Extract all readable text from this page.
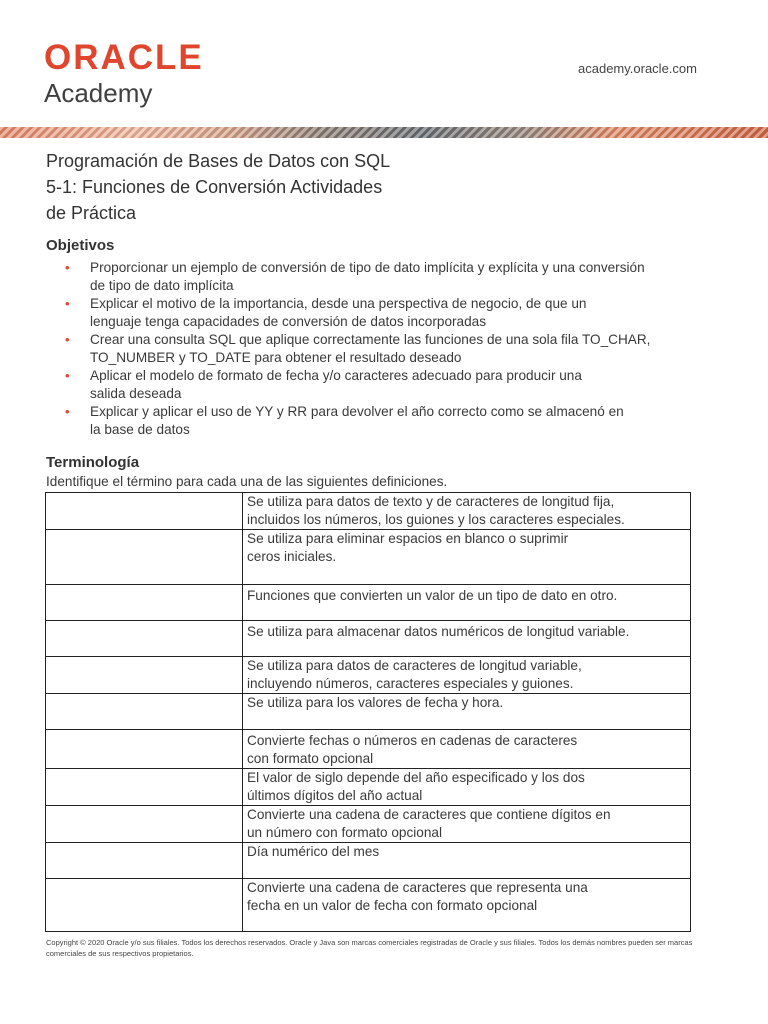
ORACLE
Academy
academy.oracle.com
Programación de Bases de Datos con SQL
5-1: Funciones de Conversión Actividades
de Práctica
Objetivos
• Proporcionar un ejemplo de conversión de tipo de dato implícita y explícita y una conversión
de tipo de dato implícita
• Explicar el motivo de la importancia, desde una perspectiva de negocio, de que un
lenguaje tenga capacidades de conversión de datos incorporadas
• Crear una consulta SQL que aplique correctamente las funciones de una sola fila TO_CHAR,
TO_NUMBER y TO_DATE para obtener el resultado deseado
• Aplicar el modelo de formato de fecha y/o caracteres adecuado para producir una
salida deseada
• Explicar y aplicar el uso de YY y RR para devolver el año correcto como se almacenó en
la base de datos
Terminología
Identifique el término para cada una de las siguientes definiciones.

	Se utiliza para datos de texto y de caracteres de longitud fija,
incluidos los números, los guiones y los caracteres especiales.

	Se utiliza para eliminar espacios en blanco o suprimir
ceros iniciales.

	Funciones que convierten un valor de un tipo de dato en otro.

	Se utiliza para almacenar datos numéricos de longitud variable.

	Se utiliza para datos de caracteres de longitud variable,
incluyendo números, caracteres especiales y guiones.

	Se utiliza para los valores de fecha y hora.

	Convierte fechas o números en cadenas de caracteres
con formato opcional

	El valor de siglo depende del año especificado y los dos
últimos dígitos del año actual

	Convierte una cadena de caracteres que contiene dígitos en
un número con formato opcional

	Día numérico del mes

	Convierte una cadena de caracteres que representa una
fecha en un valor de fecha con formato opcional
Copyright © 2020 Oracle y/o sus filiales. Todos los derechos reservados. Oracle y Java son marcas comerciales registradas de Oracle y sus filiales. Todos los demás nombres pueden ser marcas
comerciales de sus respectivos propietarios.
